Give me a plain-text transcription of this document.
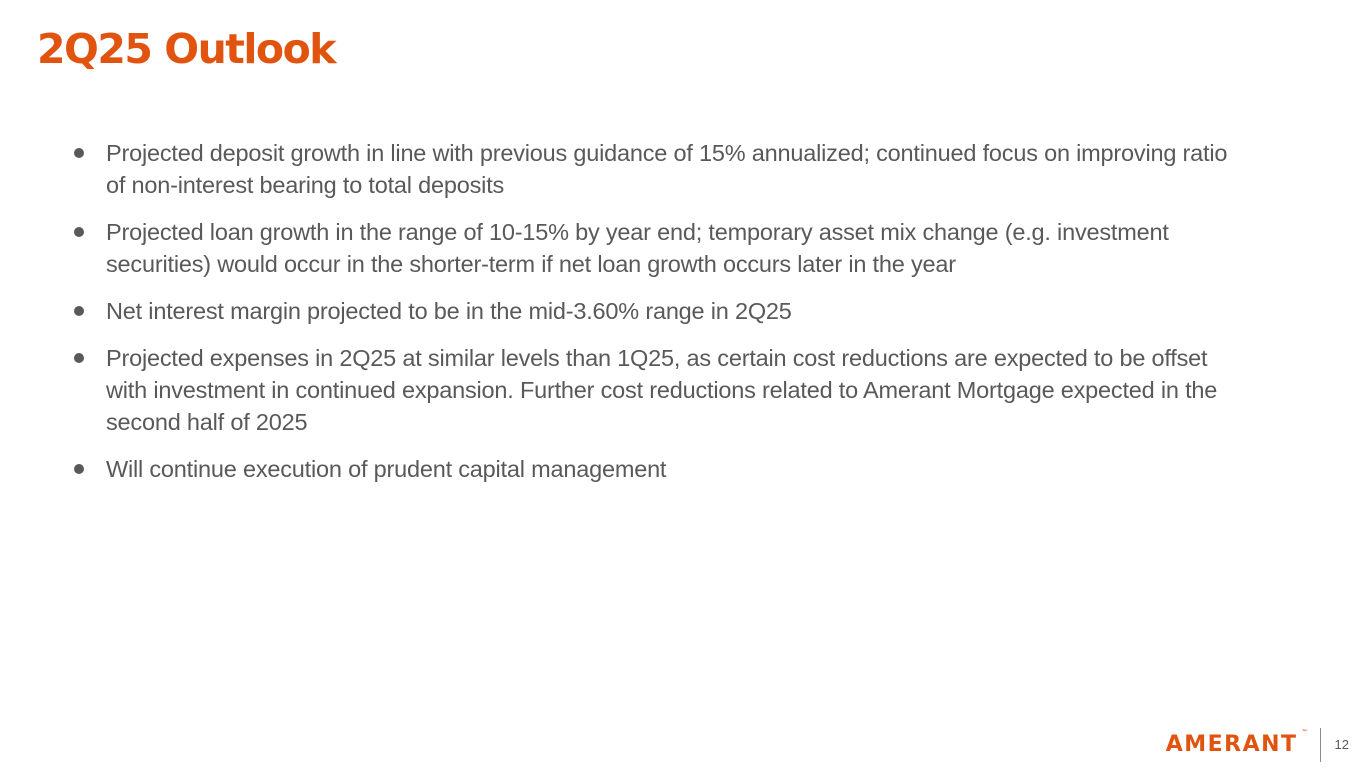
2Q25 Outlook
Projected deposit growth in line with previous guidance of 15% annualized; continued focus on improving ratio of non-interest bearing to total deposits
Projected loan growth in the range of 10-15% by year end; temporary asset mix change (e.g. investment securities) would occur in the shorter-term if net loan growth occurs later in the year
Net interest margin projected to be in the mid-3.60% range in 2Q25
Projected expenses in 2Q25 at similar levels than 1Q25, as certain cost reductions are expected to be offset with investment in continued expansion. Further cost reductions related to Amerant Mortgage expected in the second half of 2025
Will continue execution of prudent capital management
AMERANT ™
12
